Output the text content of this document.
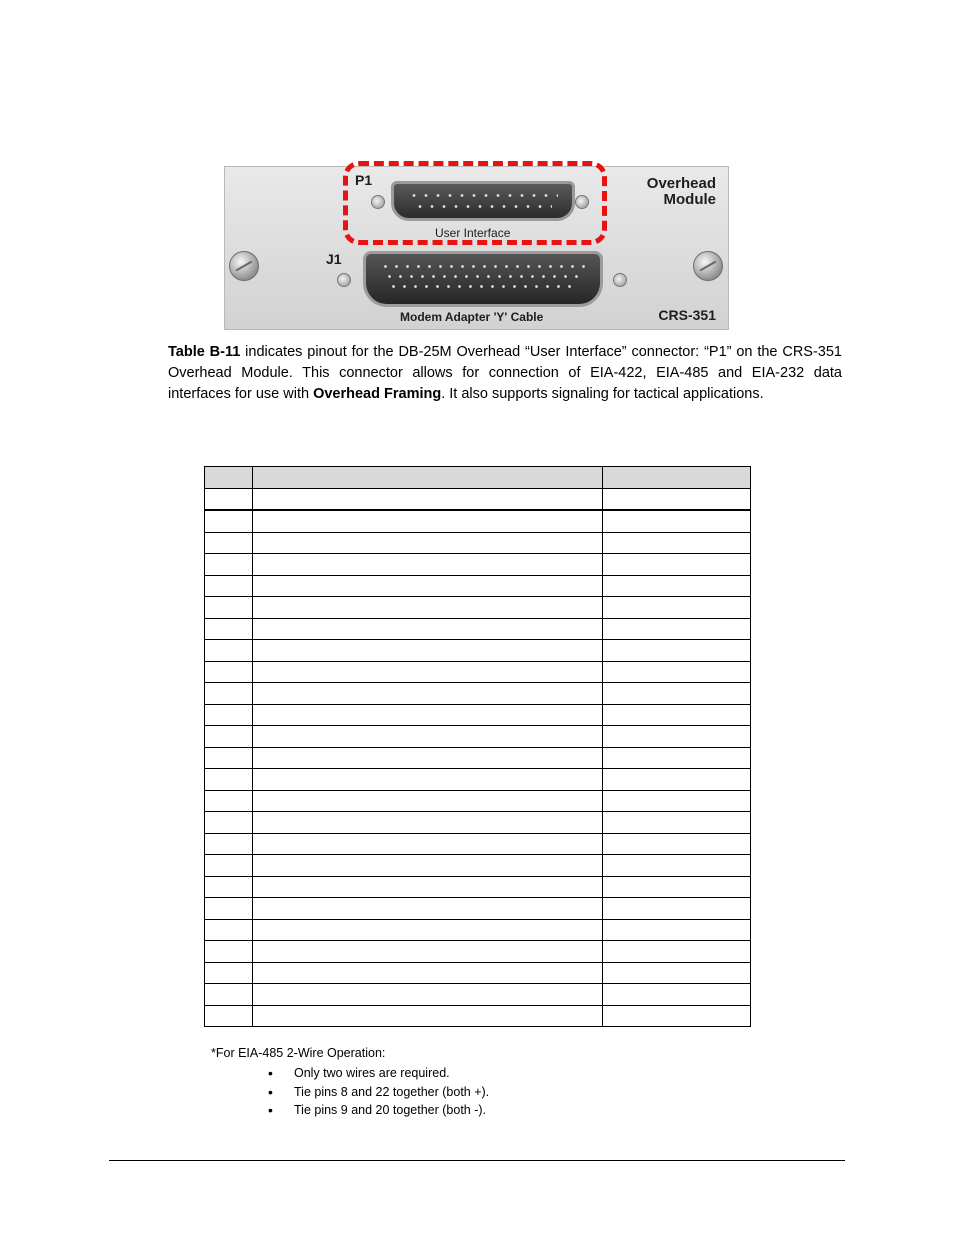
P1
J1
Overhead
Module
User Interface
Modem Adapter 'Y' Cable	CRS-351

Table B-11 indicates pinout for the DB-25M Overhead “User Interface” connector: “P1” on the CRS-351 Overhead Module. This connector allows for connection of EIA-422, EIA-485 and EIA-232 data interfaces for use with Overhead Framing. It also supports signaling for tactical applications.

*For EIA-485 2-Wire Operation:
• Only two wires are required.
• Tie pins 8 and 22 together (both +).
• Tie pins 9 and 20 together (both -).
